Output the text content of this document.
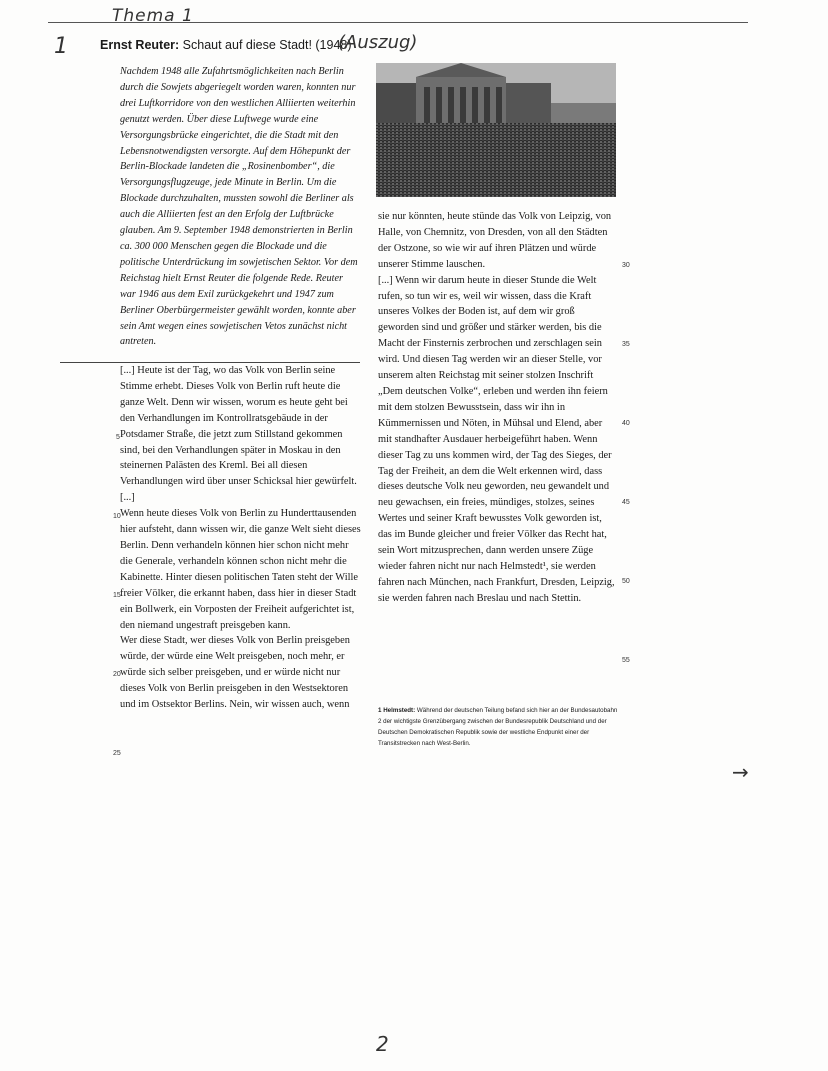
Thema 1
1	Ernst Reuter: Schaut auf diese Stadt! (1948)
(Auszug)

Nachdem 1948 alle Zufahrtsmöglichkeiten nach Berlin durch die Sowjets abgeriegelt worden waren, konnten nur drei Luftkorridore von den westlichen Alliierten weiterhin genutzt werden. Über diese Luftwege wurde eine Versorgungsbrücke eingerichtet, die die Stadt mit den Lebensnotwendigsten versorgte. Auf dem Höhepunkt der Berlin-Blockade landeten die „Rosinenbomber“, die Versorgungsflugzeuge, jede Minute in Berlin. Um die Blockade durchzuhalten, mussten sowohl die Berliner als auch die Alliierten fest an den Erfolg der Luftbrücke glauben. Am 9. September 1948 demonstrierten in Berlin ca. 300 000 Menschen gegen die Blockade und die politische Unterdrückung im sowjetischen Sektor. Vor dem Reichstag hielt Ernst Reuter die folgende Rede. Reuter war 1946 aus dem Exil zurückgekehrt und 1947 zum Berliner Oberbürgermeister gewählt worden, konnte aber sein Amt wegen eines sowjetischen Vetos zunächst nicht antreten.

[...] Heute ist der Tag, wo das Volk von Berlin seine Stimme erhebt. Dieses Volk von Berlin ruft heute die ganze Welt. Denn wir wissen, worum es heute geht bei den Verhandlungen im Kontrollratsgebäude in der Potsdamer Straße, die jetzt zum Stillstand gekommen sind, bei den Verhandlungen später in Moskau in den steinernen Palästen des Kreml. Bei all diesen Verhandlungen wird über unser Schicksal hier gewürfelt. [...]

Wenn heute dieses Volk von Berlin zu Hunderttausenden hier aufsteht, dann wissen wir, die ganze Welt sieht dieses Berlin. Denn verhandeln können hier schon nicht mehr die Generale, verhandeln können schon nicht mehr die Kabinette. Hinter diesen politischen Taten steht der Wille freier Völker, die erkannt haben, dass hier in dieser Stadt ein Bollwerk, ein Vorposten der Freiheit aufgerichtet ist, den niemand ungestraft preisgeben kann.

Wer diese Stadt, wer dieses Volk von Berlin preisgeben würde, der würde eine Welt preisgeben, noch mehr, er würde sich selber preisgeben, und er würde nicht nur dieses Volk von Berlin preisgeben in den Westsektoren und im Ostsektor Berlins. Nein, wir wissen auch, wenn

5
10
15
20
25

sie nur könnten, heute stünde das Volk von Leipzig, von Halle, von Chemnitz, von Dresden, von all den Städten der Ostzone, so wie wir auf ihren Plätzen und würde unserer Stimme lauschen.

[...] Wenn wir darum heute in dieser Stunde die Welt rufen, so tun wir es, weil wir wissen, dass die Kraft unseres Volkes der Boden ist, auf dem wir groß geworden sind und größer und stärker werden, bis die Macht der Finsternis zerbrochen und zerschlagen sein wird. Und diesen Tag werden wir an dieser Stelle, vor unserem alten Reichstag mit seiner stolzen Inschrift „Dem deutschen Volke“, erleben und werden ihn feiern mit dem stolzen Bewusstsein, dass wir ihn in Kümmernissen und Nöten, in Mühsal und Elend, aber mit standhafter Ausdauer herbeigeführt haben. Wenn dieser Tag zu uns kommen wird, der Tag des Sieges, der Tag der Freiheit, an dem die Welt erkennen wird, dass dieses deutsche Volk neu geworden, neu gewandelt und neu gewachsen, ein freies, mündiges, stolzes, seines Wertes und seiner Kraft bewusstes Volk geworden ist, das im Bunde gleicher und freier Völker das Recht hat, sein Wort mitzusprechen, dann werden unsere Züge wieder fahren nicht nur nach Helmstedt¹, sie werden fahren nach München, nach Frankfurt, Dresden, Leipzig, sie werden fahren nach Breslau und nach Stettin.

30
35
40
45
50
55
1 Helmstedt: Während der deutschen Teilung befand sich hier an der Bundesautobahn 2 der wichtigste Grenzübergang zwischen der Bundesrepublik Deutschland und der Deutschen Demokratischen Republik sowie der westliche Endpunkt einer der Transitstrecken nach West-Berlin.
→
2
